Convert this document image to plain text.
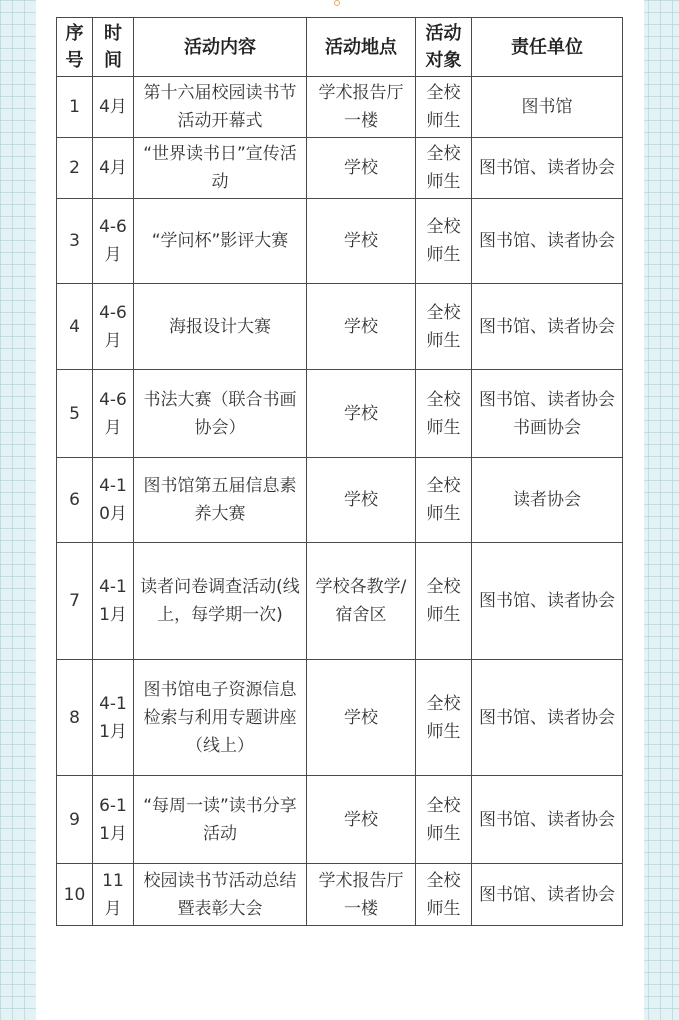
序号	时间	活动内容	活动地点	活动对象	责任单位
1	4月	第十六届校园读书节活动开幕式	学术报告厅一楼	全校师生	图书馆
2	4月	“世界读书日”宣传活动	学校	全校师生	图书馆、读者协会
3	4-6月	“学问杯”影评大赛	学校	全校师生	图书馆、读者协会
4	4-6月	海报设计大赛	学校	全校师生	图书馆、读者协会
5	4-6月	书法大赛（联合书画协会）	学校	全校师生	图书馆、读者协会书画协会
6	4-10月	图书馆第五届信息素养大赛	学校	全校师生	读者协会
7	4-11月	读者问卷调查活动(线上，每学期一次)	学校各教学/宿舍区	全校师生	图书馆、读者协会
8	4-11月	图书馆电子资源信息检索与利用专题讲座（线上）	学校	全校师生	图书馆、读者协会
9	6-11月	“每周一读”读书分享活动	学校	全校师生	图书馆、读者协会
10	11月	校园读书节活动总结暨表彰大会	学术报告厅一楼	全校师生	图书馆、读者协会
